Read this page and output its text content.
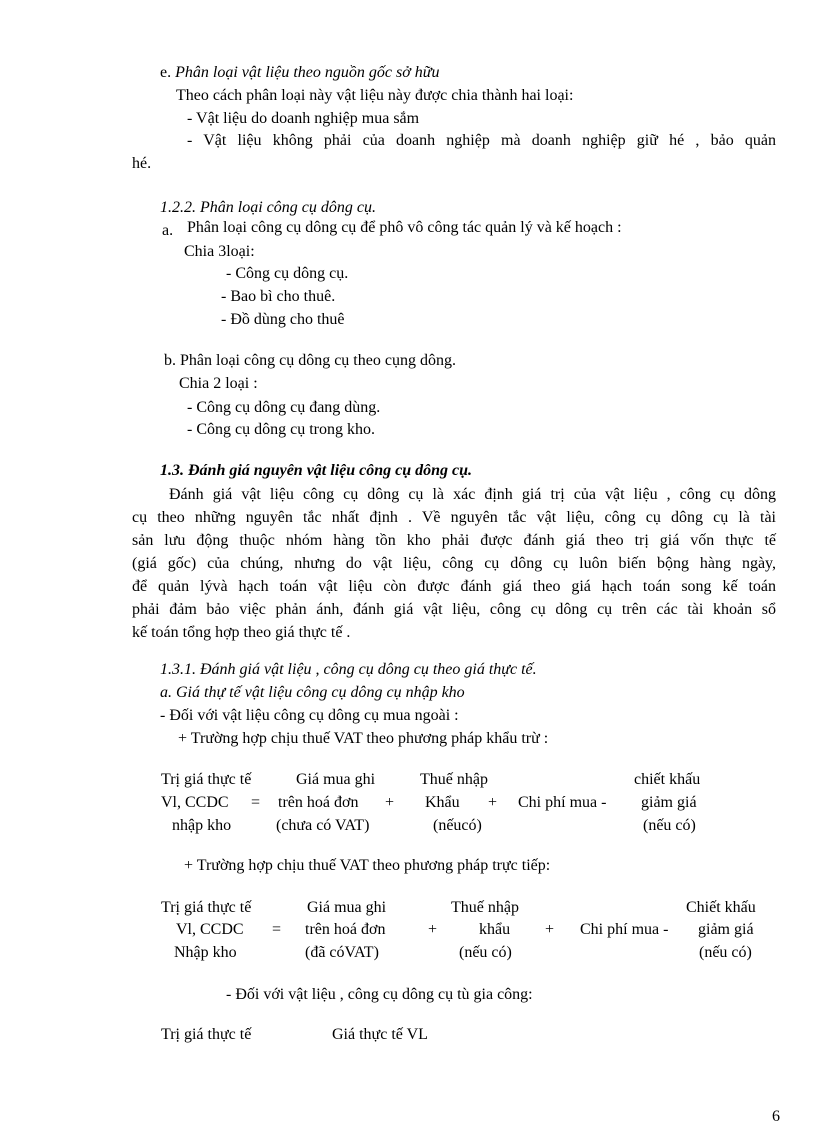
e. Phân loại vật liệu theo nguồn gốc sở hữu
Theo cách phân loại này vật liệu này được chia thành hai loại:
- Vật liệu do doanh nghiệp mua sắm
- Vật liệu không phải của doanh nghiệp mà doanh nghiệp giữ hé , bảo quản
hé.
1.2.2. Phân loại công cụ dông cụ.
a. Phân loại công cụ dông cụ để phô vô công tác quản lý và kế hoạch :
Chia 3loại:
- Công cụ dông cụ.
- Bao bì cho thuê.
- Đồ dùng cho thuê
b. Phân loại công cụ dông cụ theo cụng dông.
Chia 2 loại :
- Công cụ dông cụ đang dùng.
- Công cụ dông cụ trong kho.
1.3. Đánh giá nguyên vật liệu công cụ dông cụ.
Đánh giá vật liệu công cụ dông cụ là xác định giá trị của vật liệu , công cụ dông
cụ theo những nguyên tắc nhất định . Về nguyên tắc vật liệu, công cụ dông cụ là tài
sản lưu động thuộc nhóm hàng tồn kho phải được đánh giá theo trị giá vốn thực tế
(giá gốc) của chúng, nhưng do vật liệu, công cụ dông cụ luôn biến bộng hàng ngày,
để quản lývà hạch toán vật liệu còn được đánh giá theo giá hạch toán song kế toán
phải đảm bảo việc phản ánh, đánh giá vật liệu, công cụ dông cụ trên các tài khoản sổ
kế toán tổng hợp theo giá thực tế .
1.3.1. Đánh giá vật liệu , công cụ dông cụ theo giá thực tế.
a. Giá thự tế vật liệu công cụ dông cụ nhập kho
- Đối với vật liệu công cụ dông cụ mua ngoài :
+ Trường hợp chịu thuế VAT theo phương pháp khẩu trừ :
Trị giá thực tế
Vl, CCDC
nhập kho
=
Giá mua ghi
trên hoá đơn
(chưa có VAT)
+
Thuế nhập
Khẩu
(nếucó)
+ Chi phí mua -
chiết khấu
giảm giá
(nếu có)
+ Trường hợp chịu thuế VAT theo phương pháp trực tiếp:
Trị giá thực tế
Vl, CCDC
Nhập kho
=
Giá mua ghi
trên hoá đơn
(đã cóVAT)
+
Thuế nhập
khẩu
(nếu có)
+ Chi phí mua -
Chiết khấu
giảm giá
(nếu có)
- Đối với vật liệu , công cụ dông cụ tù gia công:
Trị giá thực tế	Giá thực tế VL
6
